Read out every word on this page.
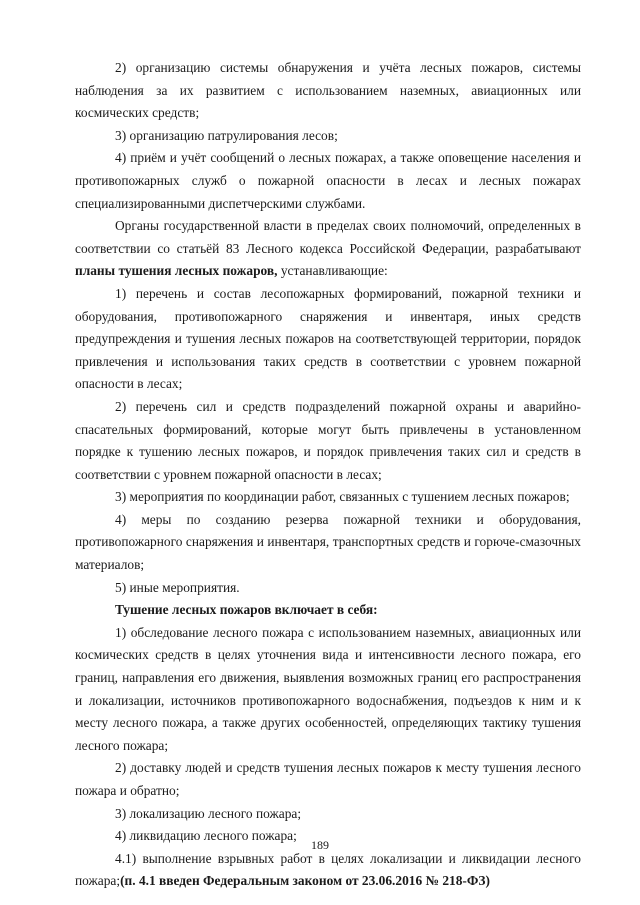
2) организацию системы обнаружения и учёта лесных пожаров, системы наблюдения за их развитием с использованием наземных, авиационных или космических средств;

3) организацию патрулирования лесов;

4) приём и учёт сообщений о лесных пожарах, а также оповещение населения и противопожарных служб о пожарной опасности в лесах и лесных пожарах специализированными диспетчерскими службами.

Органы государственной власти в пределах своих полномочий, определенных в соответствии со статьёй 83 Лесного кодекса Российской Федерации, разрабатывают планы тушения лесных пожаров, устанавливающие:

1) перечень и состав лесопожарных формирований, пожарной техники и оборудования, противопожарного снаряжения и инвентаря, иных средств предупреждения и тушения лесных пожаров на соответствующей территории, порядок привлечения и использования таких средств в соответствии с уровнем пожарной опасности в лесах;

2) перечень сил и средств подразделений пожарной охраны и аварийно-спасательных формирований, которые могут быть привлечены в установленном порядке к тушению лесных пожаров, и порядок привлечения таких сил и средств в соответствии с уровнем пожарной опасности в лесах;

3) мероприятия по координации работ, связанных с тушением лесных пожаров;

4) меры по созданию резерва пожарной техники и оборудования, противопожарного снаряжения и инвентаря, транспортных средств и горюче-смазочных материалов;

5) иные мероприятия.

Тушение лесных пожаров включает в себя:

1) обследование лесного пожара с использованием наземных, авиационных или космических средств в целях уточнения вида и интенсивности лесного пожара, его границ, направления его движения, выявления возможных границ его распространения и локализации, источников противопожарного водоснабжения, подъездов к ним и к месту лесного пожара, а также других особенностей, определяющих тактику тушения лесного пожара;

2) доставку людей и средств тушения лесных пожаров к месту тушения лесного пожара и обратно;

3) локализацию лесного пожара;

4) ликвидацию лесного пожара;

4.1) выполнение взрывных работ в целях локализации и ликвидации лесного пожара;(п. 4.1 введен Федеральным законом от 23.06.2016 № 218-ФЗ)

189
